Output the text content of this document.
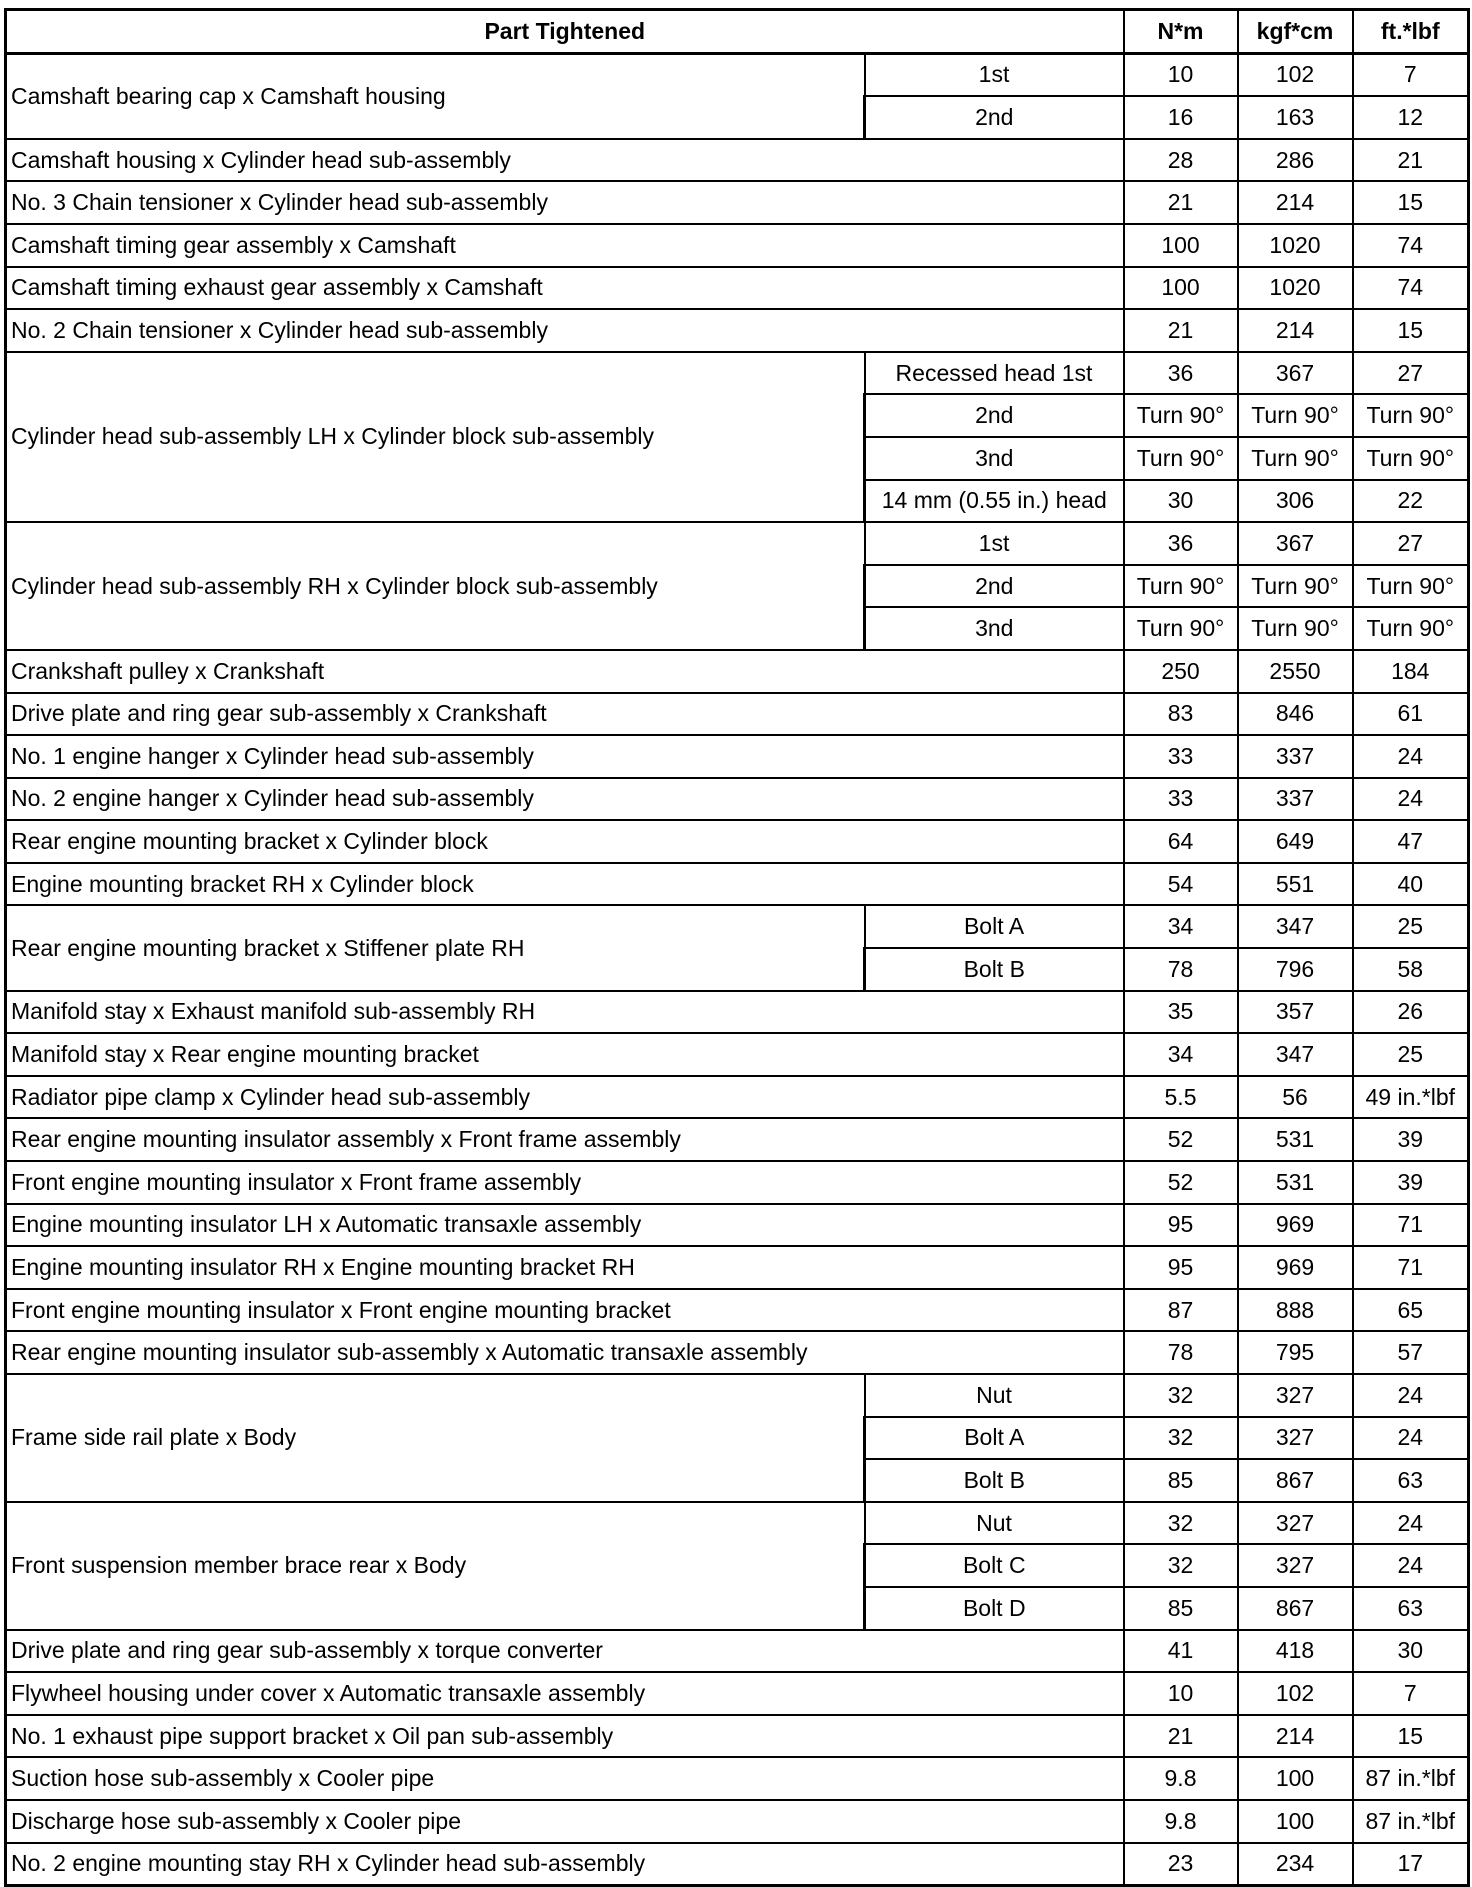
Part Tightened		N*m	kgf*cm	ft.*lbf
Camshaft bearing cap x Camshaft housing	1st	10	102	7
	2nd	16	163	12
Camshaft housing x Cylinder head sub-assembly		28	286	21
No. 3 Chain tensioner x Cylinder head sub-assembly		21	214	15
Camshaft timing gear assembly x Camshaft		100	1020	74
Camshaft timing exhaust gear assembly x Camshaft		100	1020	74
No. 2 Chain tensioner x Cylinder head sub-assembly		21	214	15
Cylinder head sub-assembly LH x Cylinder block sub-assembly	Recessed head 1st	36	367	27
	2nd	Turn 90°	Turn 90°	Turn 90°
	3nd	Turn 90°	Turn 90°	Turn 90°
	14 mm (0.55 in.) head	30	306	22
Cylinder head sub-assembly RH x Cylinder block sub-assembly	1st	36	367	27
	2nd	Turn 90°	Turn 90°	Turn 90°
	3nd	Turn 90°	Turn 90°	Turn 90°
Crankshaft pulley x Crankshaft		250	2550	184
Drive plate and ring gear sub-assembly x Crankshaft		83	846	61
No. 1 engine hanger x Cylinder head sub-assembly		33	337	24
No. 2 engine hanger x Cylinder head sub-assembly		33	337	24
Rear engine mounting bracket x Cylinder block		64	649	47
Engine mounting bracket RH x Cylinder block		54	551	40
Rear engine mounting bracket x Stiffener plate RH	Bolt A	34	347	25
	Bolt B	78	796	58
Manifold stay x Exhaust manifold sub-assembly RH		35	357	26
Manifold stay x Rear engine mounting bracket		34	347	25
Radiator pipe clamp x Cylinder head sub-assembly		5.5	56	49 in.*lbf
Rear engine mounting insulator assembly x Front frame assembly		52	531	39
Front engine mounting insulator x Front frame assembly		52	531	39
Engine mounting insulator LH x Automatic transaxle assembly		95	969	71
Engine mounting insulator RH x Engine mounting bracket RH		95	969	71
Front engine mounting insulator x Front engine mounting bracket		87	888	65
Rear engine mounting insulator sub-assembly x Automatic transaxle assembly		78	795	57
Frame side rail plate x Body	Nut	32	327	24
	Bolt A	32	327	24
	Bolt B	85	867	63
Front suspension member brace rear x Body	Nut	32	327	24
	Bolt C	32	327	24
	Bolt D	85	867	63
Drive plate and ring gear sub-assembly x torque converter		41	418	30
Flywheel housing under cover x Automatic transaxle assembly		10	102	7
No. 1 exhaust pipe support bracket x Oil pan sub-assembly		21	214	15
Suction hose sub-assembly x Cooler pipe		9.8	100	87 in.*lbf
Discharge hose sub-assembly x Cooler pipe		9.8	100	87 in.*lbf
No. 2 engine mounting stay RH x Cylinder head sub-assembly		23	234	17
